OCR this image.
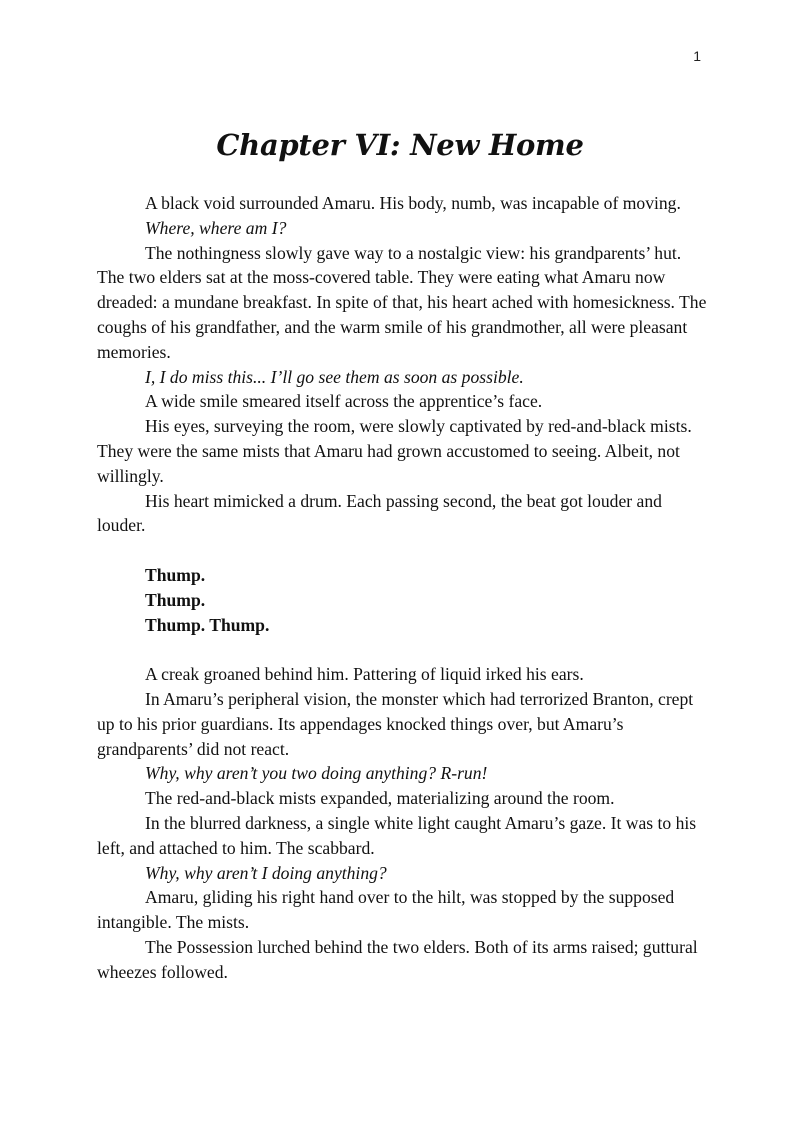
1
Chapter VI: New Home

A black void surrounded Amaru. His body, numb, was incapable of moving.

Where, where am I?

The nothingness slowly gave way to a nostalgic view: his grandparents’ hut. The two elders sat at the moss-covered table. They were eating what Amaru now dreaded: a mundane breakfast. In spite of that, his heart ached with homesickness. The coughs of his grandfather, and the warm smile of his grandmother, all were pleasant memories.

I, I do miss this... I’ll go see them as soon as possible.

A wide smile smeared itself across the apprentice’s face.

His eyes, surveying the room, were slowly captivated by red-and-black mists. They were the same mists that Amaru had grown accustomed to seeing. Albeit, not willingly.

His heart mimicked a drum. Each passing second, the beat got louder and louder.

Thump.

Thump.

Thump. Thump.

A creak groaned behind him. Pattering of liquid irked his ears.

In Amaru’s peripheral vision, the monster which had terrorized Branton, crept up to his prior guardians. Its appendages knocked things over, but Amaru’s grandparents’ did not react.

Why, why aren’t you two doing anything? R-run!

The red-and-black mists expanded, materializing around the room.

In the blurred darkness, a single white light caught Amaru’s gaze. It was to his left, and attached to him. The scabbard.

Why, why aren’t I doing anything?

Amaru, gliding his right hand over to the hilt, was stopped by the supposed intangible. The mists.

The Possession lurched behind the two elders. Both of its arms raised; guttural wheezes followed.
